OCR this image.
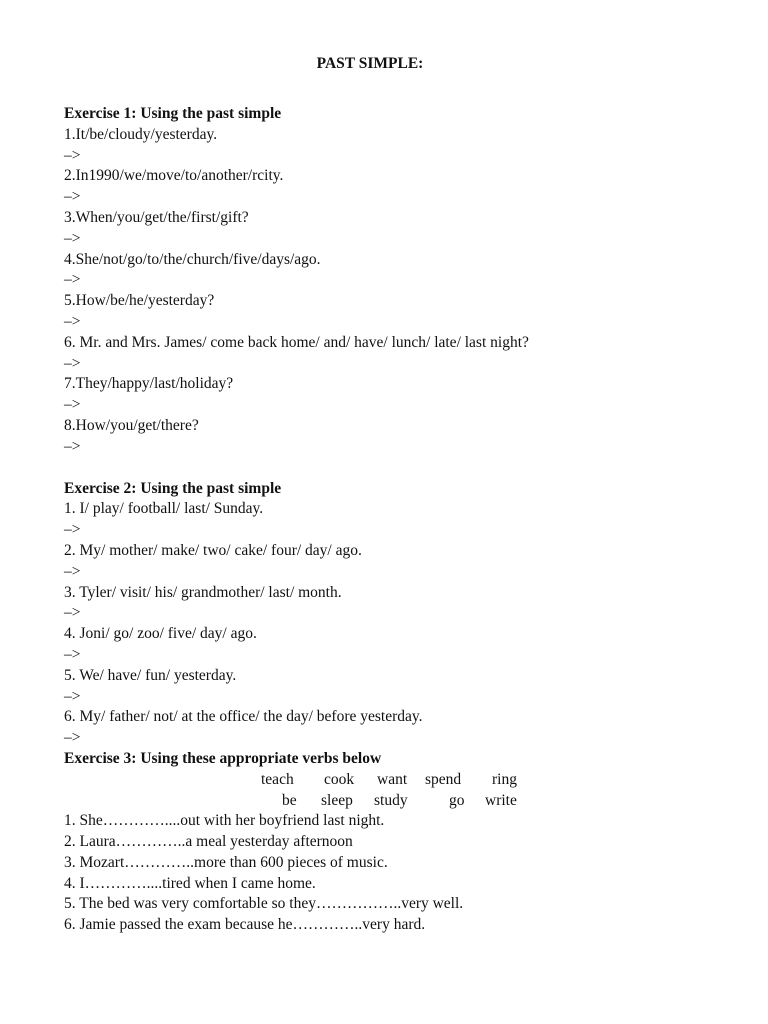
PAST SIMPLE:
Exercise 1: Using the past simple
1.It/be/cloudy/yesterday.
–>
2.In1990/we/move/to/another/rcity.
–>
3.When/you/get/the/first/gift?
–>
4.She/not/go/to/the/church/five/days/ago.
–>
5.How/be/he/yesterday?
–>
6. Mr. and Mrs. James/ come back home/ and/ have/ lunch/ late/ last night?
–>
7.They/happy/last/holiday?
–>
8.How/you/get/there?
–>
Exercise 2: Using the past simple
1. I/ play/ football/ last/ Sunday.
–>
2. My/ mother/ make/ two/ cake/ four/ day/ ago.
–>
3. Tyler/ visit/ his/ grandmother/ last/ month.
–>
4. Joni/ go/ zoo/ five/ day/ ago.
–>
5. We/ have/ fun/ yesterday.
–>
6. My/ father/ not/ at the office/ the day/ before yesterday.
–>
Exercise 3: Using these appropriate verbs below
teach cook want spend ring
be sleep study	go write
1. She…………....out with her boyfriend last night.
2. Laura…………..a meal yesterday afternoon
3. Mozart…………..more than 600 pieces of music.
4. I…………....tired when I came home.
5. The bed was very comfortable so they……………..very well.
6. Jamie passed the exam because he…………..very hard.
